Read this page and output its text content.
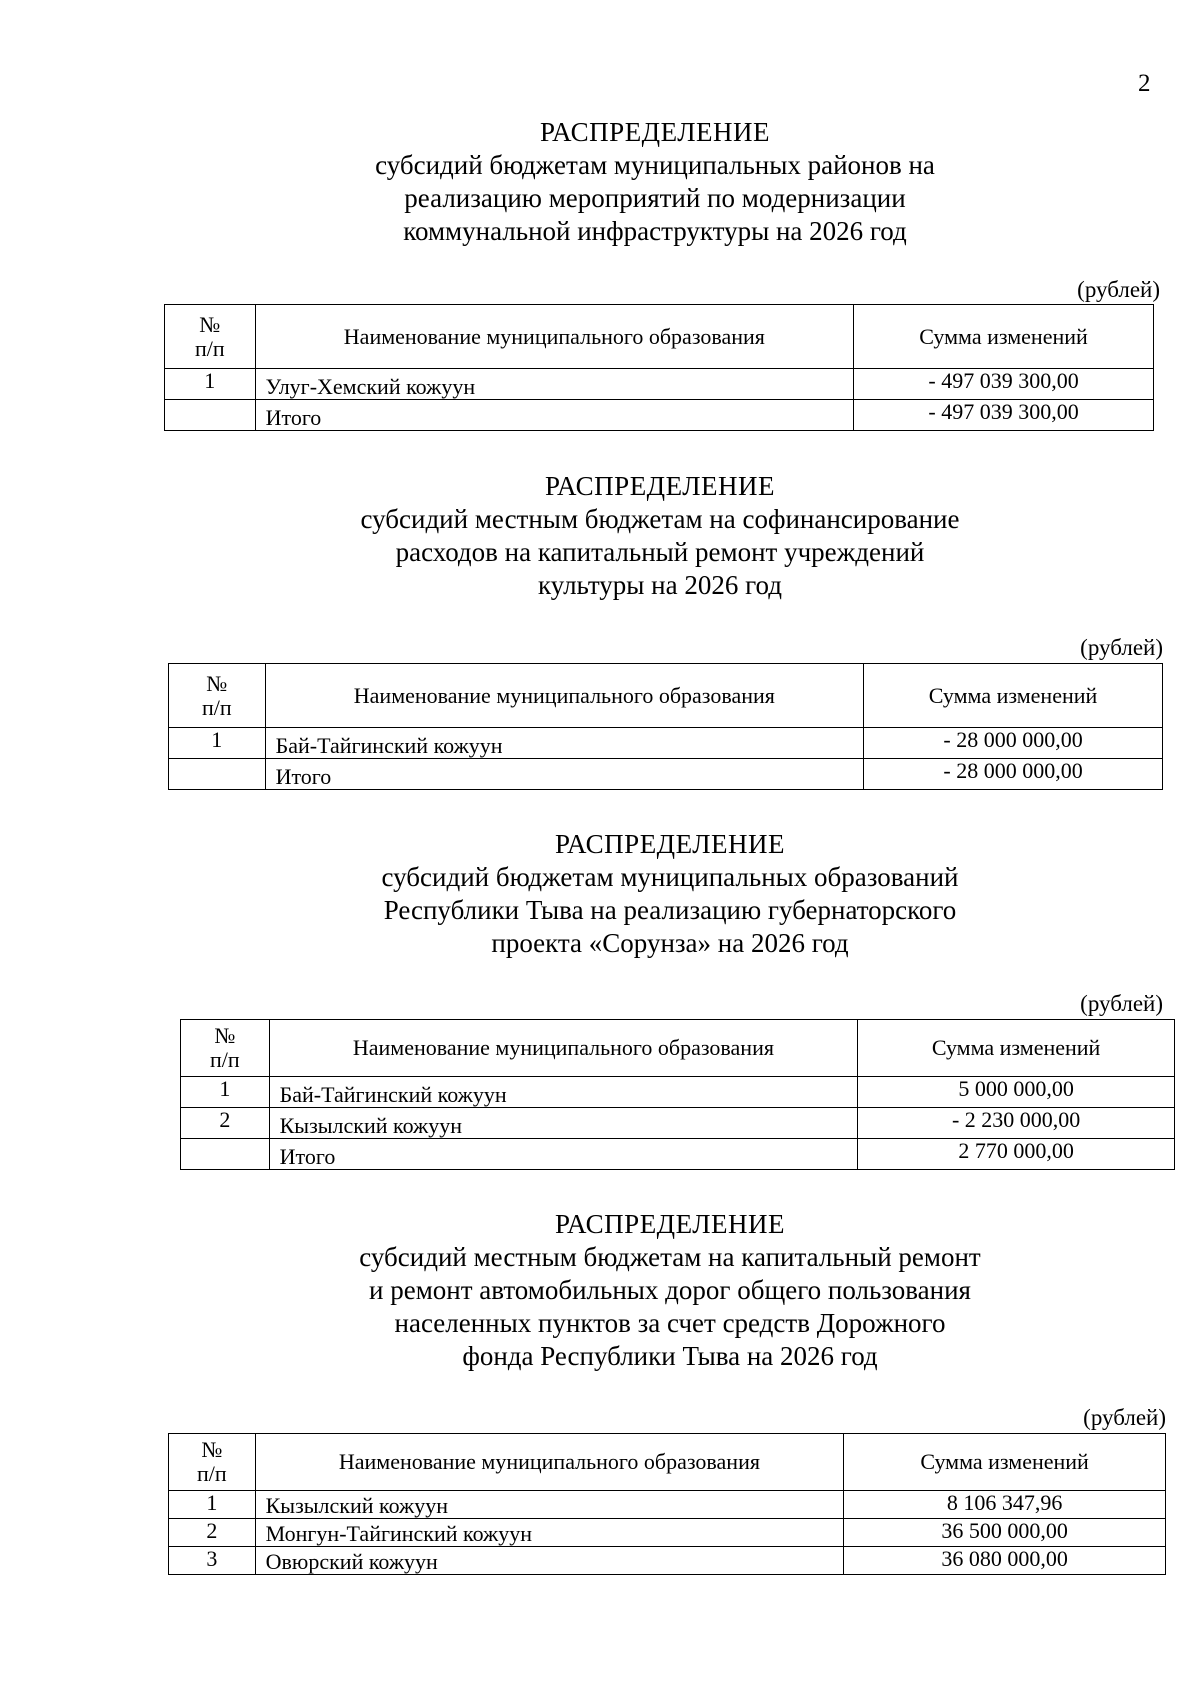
2
РАСПРЕДЕЛЕНИЕ
субсидий бюджетам муниципальных районов на
реализацию мероприятий по модернизации
коммунальной инфраструктуры на 2026 год
(рублей)
№
п/п	Наименование муниципального образования	Сумма изменений
1	Улуг-Хемский кожуун	- 497 039 300,00
	Итого	- 497 039 300,00
РАСПРЕДЕЛЕНИЕ
субсидий местным бюджетам на софинансирование
расходов на капитальный ремонт учреждений
культуры на 2026 год
(рублей)
№
п/п	Наименование муниципального образования	Сумма изменений
1	Бай-Тайгинский кожуун	- 28 000 000,00
	Итого	- 28 000 000,00
РАСПРЕДЕЛЕНИЕ
субсидий бюджетам муниципальных образований
Республики Тыва на реализацию губернаторского
проекта «Сорунза» на 2026 год
(рублей)
№
п/п	Наименование муниципального образования	Сумма изменений
1	Бай-Тайгинский кожуун	5 000 000,00
2	Кызылский кожуун	- 2 230 000,00
	Итого	2 770 000,00
РАСПРЕДЕЛЕНИЕ
субсидий местным бюджетам на капитальный ремонт
и ремонт автомобильных дорог общего пользования
населенных пунктов за счет средств Дорожного
фонда Республики Тыва на 2026 год
(рублей)
№
п/п	Наименование муниципального образования	Сумма изменений
1	Кызылский кожуун	8 106 347,96
2	Монгун-Тайгинский кожуун	36 500 000,00
3	Овюрский кожуун	36 080 000,00
